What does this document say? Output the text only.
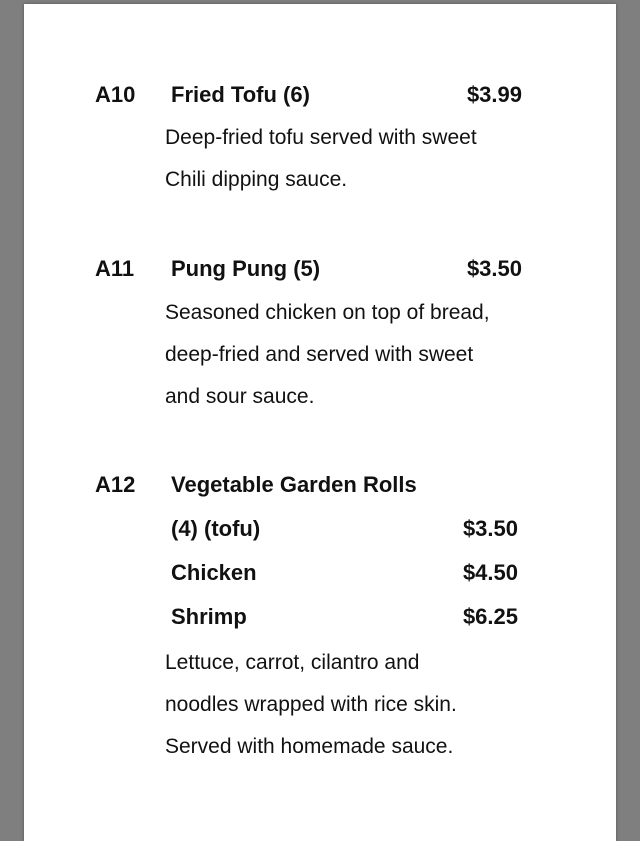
A10 Fried Tofu (6)	$3.99
Deep-fried tofu served with sweet
Chili dipping sauce.
A11 Pung Pung (5)	$3.50
Seasoned chicken on top of bread,
deep-fried and served with sweet
and sour sauce.
A12 Vegetable Garden Rolls
(4) (tofu)	$3.50
Chicken	$4.50
Shrimp	$6.25
Lettuce, carrot, cilantro and
noodles wrapped with rice skin.
Served with homemade sauce.
